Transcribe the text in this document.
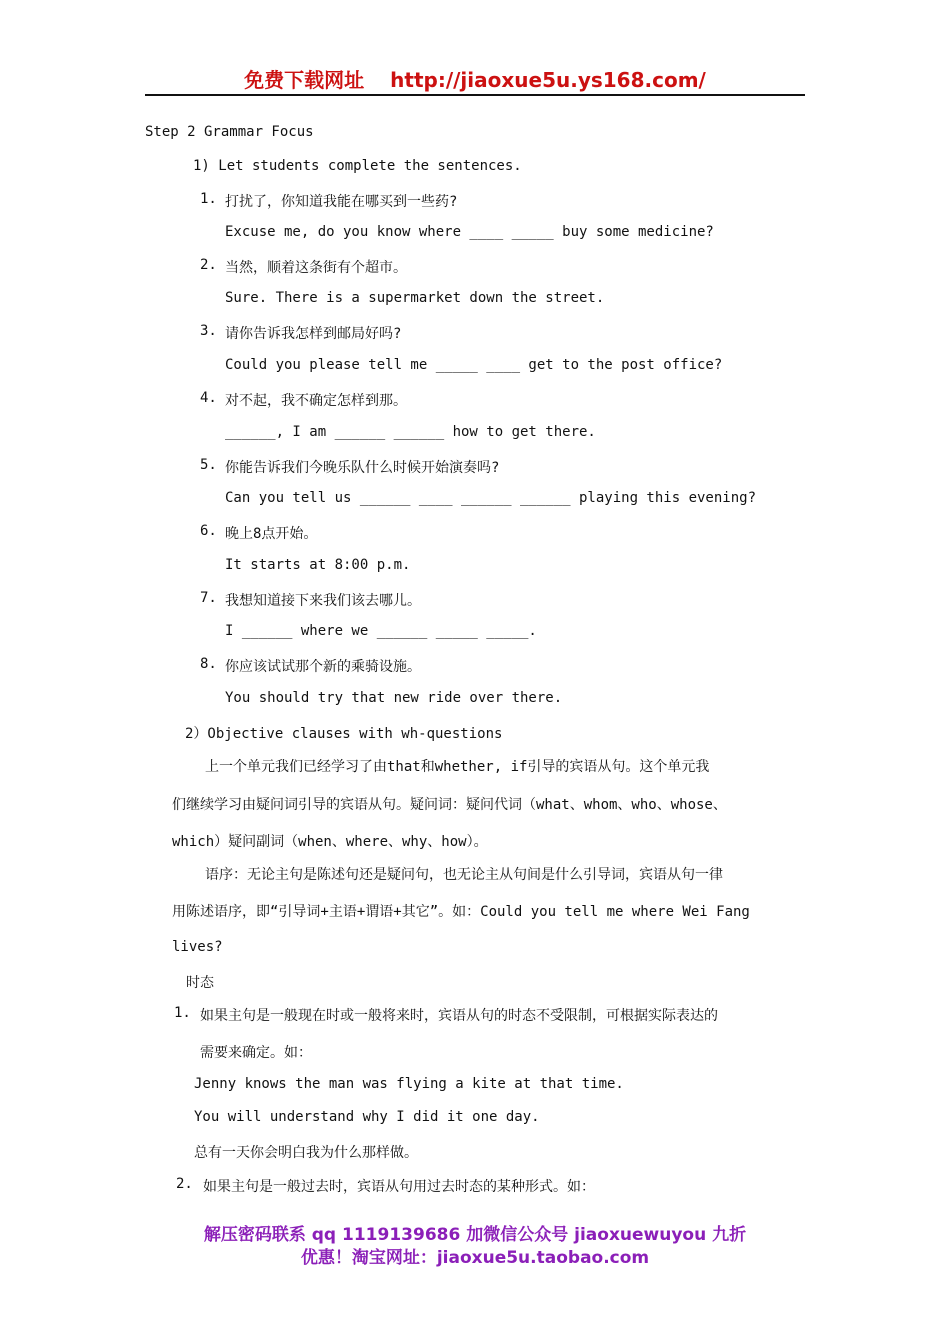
免费下载网址 http://jiaoxue5u.ys168.com/
Step 2 Grammar Focus
1) Let students complete the sentences.
1. 打扰了，你知道我能在哪买到一些药?
Excuse me, do you know where ____ _____ buy some medicine?
2. 当然，顺着这条街有个超市。
Sure. There is a supermarket down the street.
3. 请你告诉我怎样到邮局好吗?
Could you please tell me _____ ____ get to the post office?
4. 对不起，我不确定怎样到那。
______, I am ______ ______ how to get there.
5. 你能告诉我们今晚乐队什么时候开始演奏吗?
Can you tell us ______ ____ ______ ______ playing this evening?
6. 晚上8点开始。
It starts at 8:00 p.m.
7. 我想知道接下来我们该去哪儿。
I ______ where we ______ _____ _____.
8. 你应该试试那个新的乘骑设施。
You should try that new ride over there.
2）Objective clauses with wh-questions
上一个单元我们已经学习了由that和whether, if引导的宾语从句。这个单元我
们继续学习由疑问词引导的宾语从句。疑问词：疑问代词（what、whom、who、whose、
which）疑问副词（when、where、why、how）。
语序：无论主句是陈述句还是疑问句，也无论主从句间是什么引导词，宾语从句一律
用陈述语序，即“引导词+主语+谓语+其它”。如：Could you tell me where Wei Fang
lives?
时态
1. 如果主句是一般现在时或一般将来时，宾语从句的时态不受限制，可根据实际表达的
需要来确定。如：
Jenny knows the man was flying a kite at that time.
You will understand why I did it one day.
总有一天你会明白我为什么那样做。
2. 如果主句是一般过去时，宾语从句用过去时态的某种形式。如：
解压密码联系 qq 1119139686 加微信公众号 jiaoxuewuyou 九折
优惠！淘宝网址：jiaoxue5u.taobao.com
